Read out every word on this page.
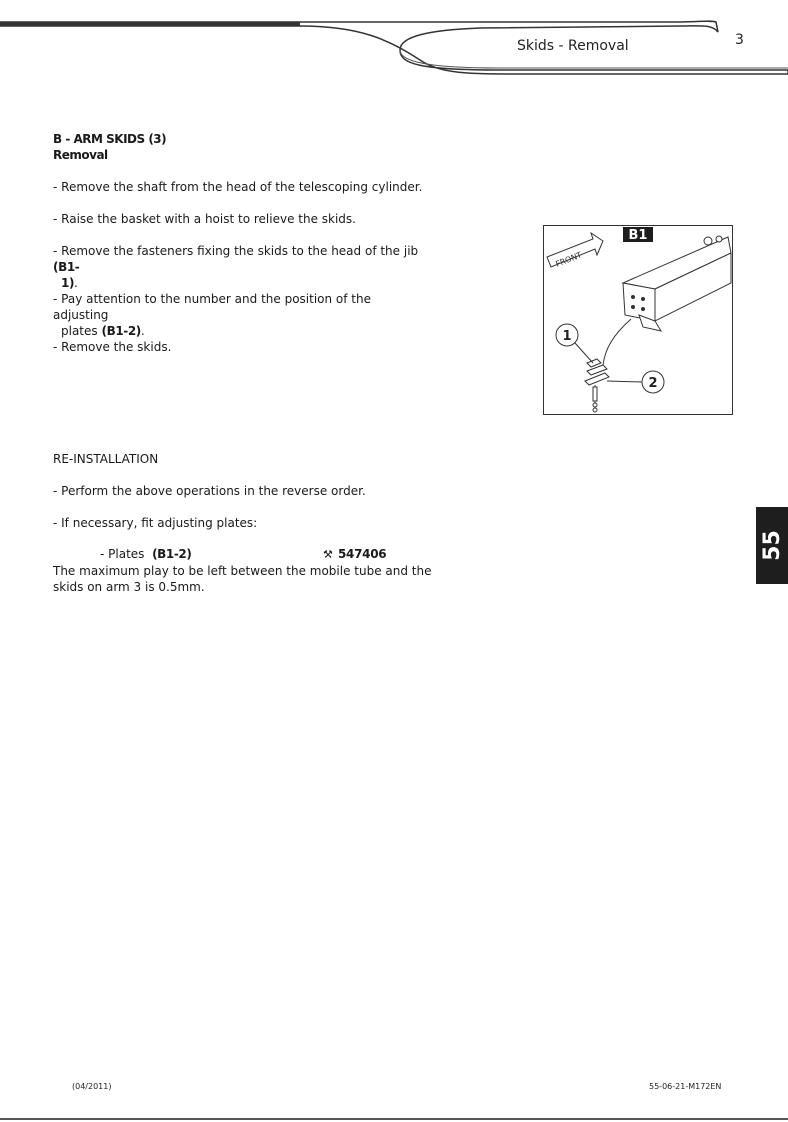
Skids - Removal	3
B - ARM SKIDS (3)
Removal
- Remove the shaft from the head of the telescoping cylinder.
- Raise the basket with a hoist to relieve the skids.
- Remove the fasteners fixing the skids to the head of the jib (B1-
1).
- Pay attention to the number and the position of the adjusting
plates (B1-2).
- Remove the skids.
RE-INSTALLATION
- Perform the above operations in the reverse order.
- If necessary, fit adjusting plates:
- Plates (B1-2)	⚒ 547406
The maximum play to be left between the mobile tube and the
skids on arm 3 is 0.5mm.
B1
FRONT
1
2
55
(04/2011)	55-06-21-M172EN
